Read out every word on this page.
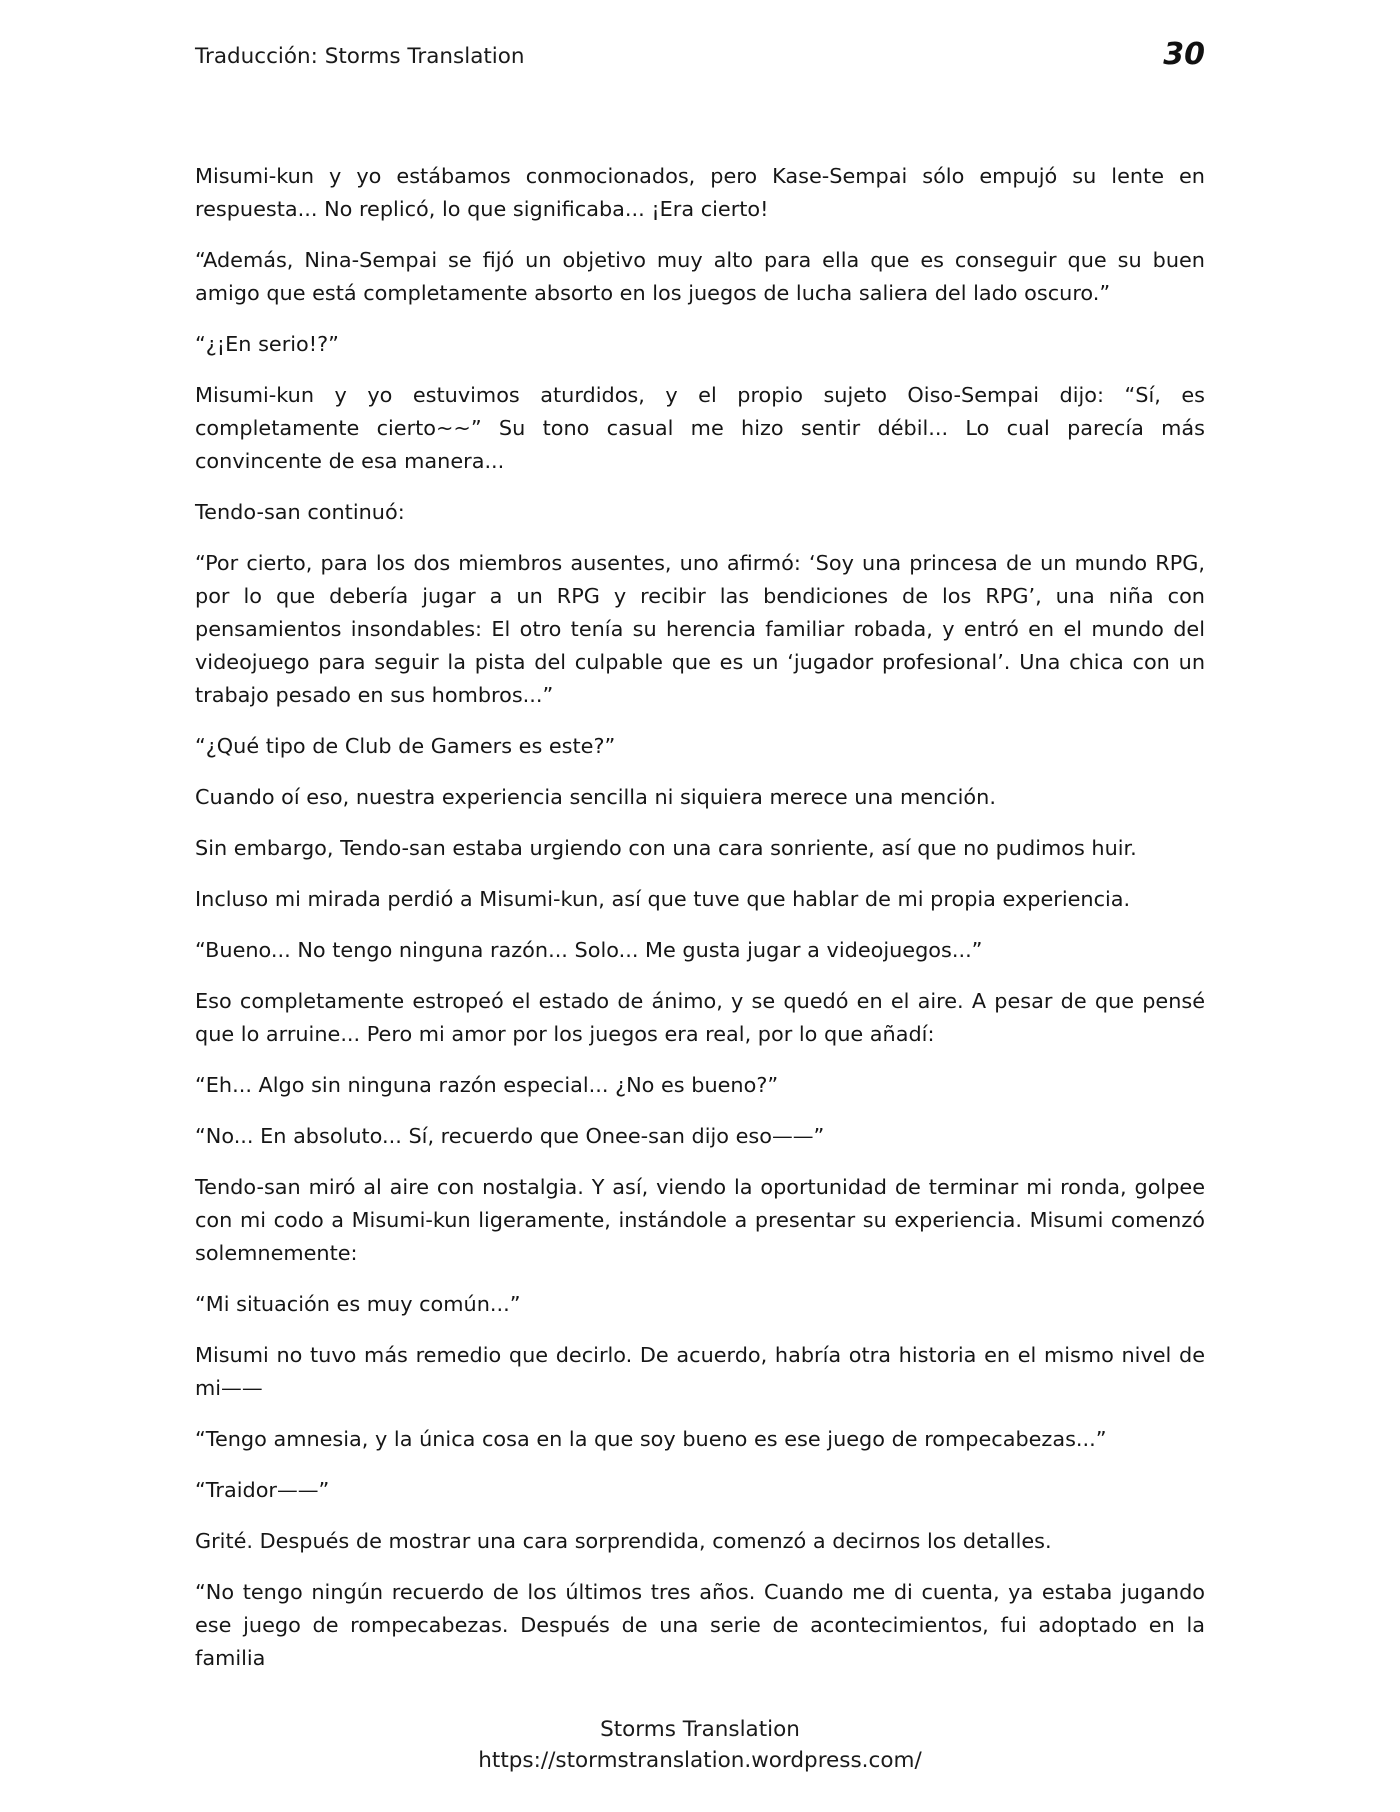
Traducción: Storms Translation	30

Misumi-kun y yo estábamos conmocionados, pero Kase-Sempai sólo empujó su lente en respuesta... No replicó, lo que significaba... ¡Era cierto!

“Además, Nina-Sempai se fijó un objetivo muy alto para ella que es conseguir que su buen amigo que está completamente absorto en los juegos de lucha saliera del lado oscuro.”

“¿¡En serio!?”

Misumi-kun y yo estuvimos aturdidos, y el propio sujeto Oiso-Sempai dijo: “Sí, es completamente cierto~~” Su tono casual me hizo sentir débil... Lo cual parecía más convincente de esa manera...

Tendo-san continuó:

“Por cierto, para los dos miembros ausentes, uno afirmó: ‘Soy una princesa de un mundo RPG, por lo que debería jugar a un RPG y recibir las bendiciones de los RPG’, una niña con pensamientos insondables: El otro tenía su herencia familiar robada, y entró en el mundo del videojuego para seguir la pista del culpable que es un ‘jugador profesional’. Una chica con un trabajo pesado en sus hombros...”

“¿Qué tipo de Club de Gamers es este?”

Cuando oí eso, nuestra experiencia sencilla ni siquiera merece una mención.

Sin embargo, Tendo-san estaba urgiendo con una cara sonriente, así que no pudimos huir.

Incluso mi mirada perdió a Misumi-kun, así que tuve que hablar de mi propia experiencia.

“Bueno... No tengo ninguna razón... Solo... Me gusta jugar a videojuegos...”

Eso completamente estropeó el estado de ánimo, y se quedó en el aire. A pesar de que pensé que lo arruine... Pero mi amor por los juegos era real, por lo que añadí:

“Eh... Algo sin ninguna razón especial... ¿No es bueno?”

“No... En absoluto... Sí, recuerdo que Onee-san dijo eso——”

Tendo-san miró al aire con nostalgia. Y así, viendo la oportunidad de terminar mi ronda, golpee con mi codo a Misumi-kun ligeramente, instándole a presentar su experiencia. Misumi comenzó solemnemente:

“Mi situación es muy común...”

Misumi no tuvo más remedio que decirlo. De acuerdo, habría otra historia en el mismo nivel de mi——

“Tengo amnesia, y la única cosa en la que soy bueno es ese juego de rompecabezas...”

“Traidor——”

Grité. Después de mostrar una cara sorprendida, comenzó a decirnos los detalles.

“No tengo ningún recuerdo de los últimos tres años. Cuando me di cuenta, ya estaba jugando ese juego de rompecabezas. Después de una serie de acontecimientos, fui adoptado en la familia

Storms Translation
https://stormstranslation.wordpress.com/
